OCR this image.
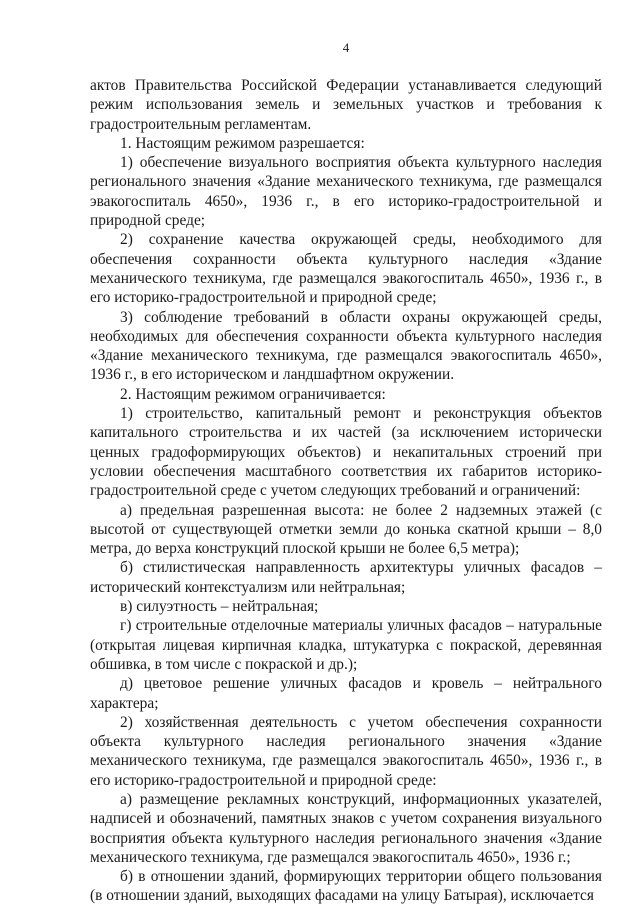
4

актов Правительства Российской Федерации устанавливается следующий режим использования земель и земельных участков и требования к градостроительным регламентам.

1. Настоящим режимом разрешается:

1) обеспечение визуального восприятия объекта культурного наследия регионального значения «Здание механического техникума, где размещался эвакогоспиталь 4650», 1936 г., в его историко-градостроительной и природной среде;

2) сохранение качества окружающей среды, необходимого для обеспечения сохранности объекта культурного наследия «Здание механического техникума, где размещался эвакогоспиталь 4650», 1936 г., в его историко-градостроительной и природной среде;

3) соблюдение требований в области охраны окружающей среды, необходимых для обеспечения сохранности объекта культурного наследия «Здание механического техникума, где размещался эвакогоспиталь 4650», 1936 г., в его историческом и ландшафтном окружении.

2. Настоящим режимом ограничивается:

1) строительство, капитальный ремонт и реконструкция объектов капитального строительства и их частей (за исключением исторически ценных градоформирующих объектов) и некапитальных строений при условии обеспечения масштабного соответствия их габаритов историко-градостроительной среде с учетом следующих требований и ограничений:

а) предельная разрешенная высота: не более 2 надземных этажей (с высотой от существующей отметки земли до конька скатной крыши – 8,0 метра, до верха конструкций плоской крыши не более 6,5 метра);

б) стилистическая направленность архитектуры уличных фасадов – исторический контекстуализм или нейтральная;

в) силуэтность – нейтральная;

г) строительные отделочные материалы уличных фасадов – натуральные (открытая лицевая кирпичная кладка, штукатурка с покраской, деревянная обшивка, в том числе с покраской и др.);

д) цветовое решение уличных фасадов и кровель – нейтрального характера;

2) хозяйственная деятельность с учетом обеспечения сохранности объекта культурного наследия регионального значения «Здание механического техникума, где размещался эвакогоспиталь 4650», 1936 г., в его историко-градостроительной и природной среде:

а) размещение рекламных конструкций, информационных указателей, надписей и обозначений, памятных знаков с учетом сохранения визуального восприятия объекта культурного наследия регионального значения «Здание механического техникума, где размещался эвакогоспиталь 4650», 1936 г.;

б) в отношении зданий, формирующих территории общего пользования (в отношении зданий, выходящих фасадами на улицу Батырая), исключается
